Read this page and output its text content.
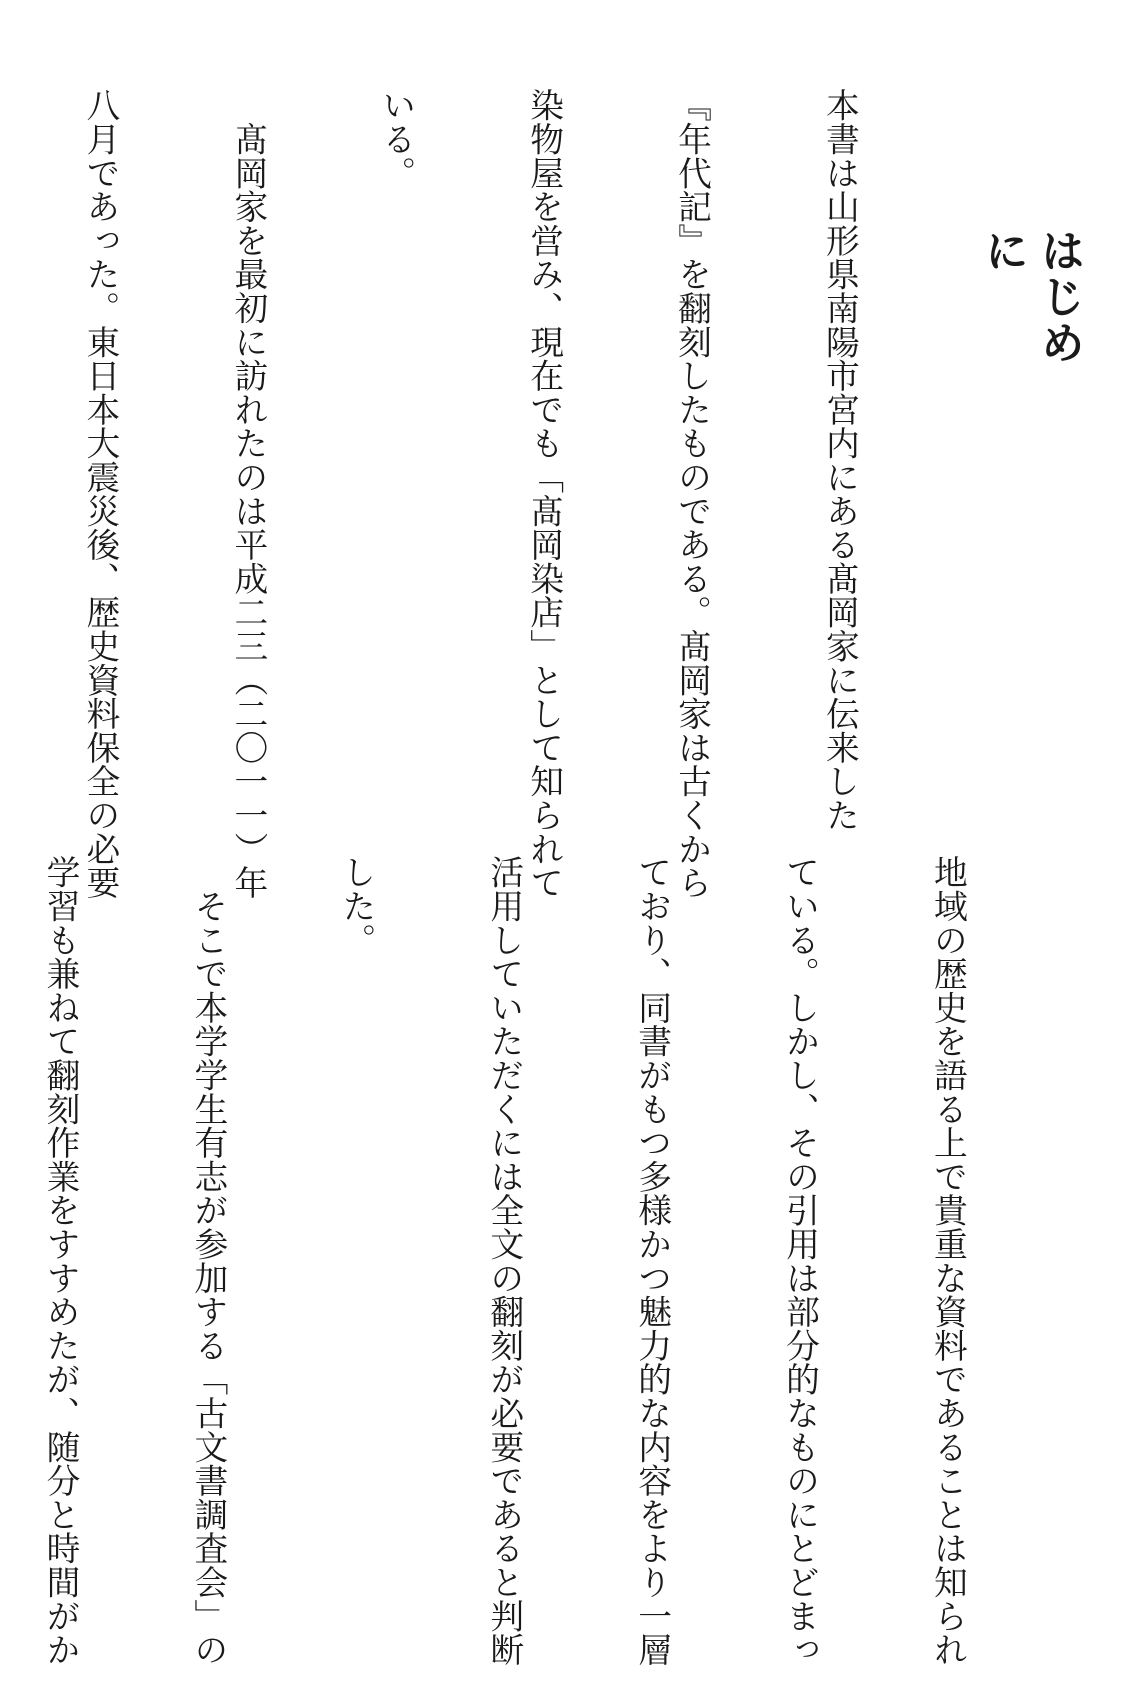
はじめに

本書は山形県南陽市宮内にある髙岡家に伝来した

『年代記』を翻刻したものである。髙岡家は古くから

染物屋を営み、現在でも「髙岡染店」として知られて

いる。

　髙岡家を最初に訪れたのは平成二三（二〇一一）年

八月であった。東日本大震災後、歴史資料保全の必要

地域の歴史を語る上で貴重な資料であることは知られ

ている。しかし、その引用は部分的なものにとどまっ

ており、同書がもつ多様かつ魅力的な内容をより一層

活用していただくには全文の翻刻が必要であると判断

した。

　そこで本学学生有志が参加する「古文書調査会」の

学習も兼ねて翻刻作業をすすめたが、随分と時間がか
